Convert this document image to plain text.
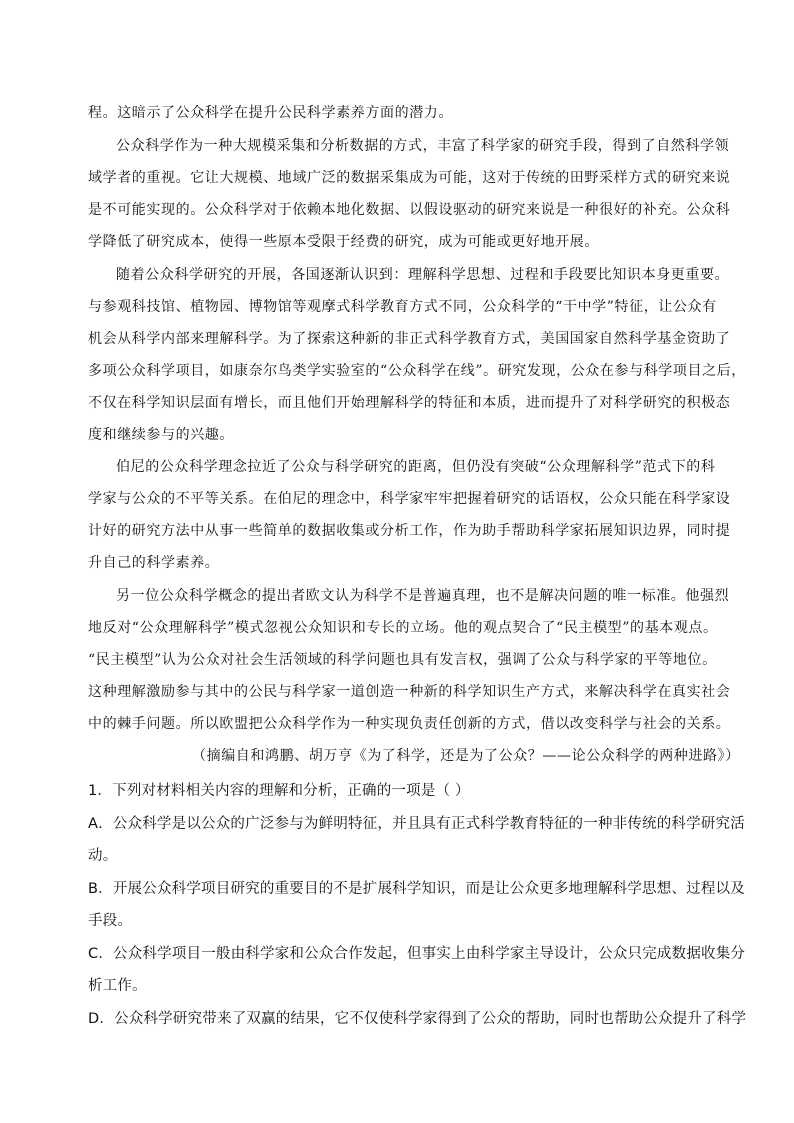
程。这暗示了公众科学在提升公民科学素养方面的潜力。
公众科学作为一种大规模采集和分析数据的方式，丰富了科学家的研究手段，得到了自然科学领
域学者的重视。它让大规模、地域广泛的数据采集成为可能，这对于传统的田野采样方式的研究来说
是不可能实现的。公众科学对于依赖本地化数据、以假设驱动的研究来说是一种很好的补充。公众科
学降低了研究成本，使得一些原本受限于经费的研究，成为可能或更好地开展。
随着公众科学研究的开展，各国逐渐认识到：理解科学思想、过程和手段要比知识本身更重要。
与参观科技馆、植物园、博物馆等观摩式科学教育方式不同，公众科学的“干中学”特征，让公众有
机会从科学内部来理解科学。为了探索这种新的非正式科学教育方式，美国国家自然科学基金资助了
多项公众科学项目，如康奈尔鸟类学实验室的“公众科学在线”。研究发现，公众在参与科学项目之后，
不仅在科学知识层面有增长，而且他们开始理解科学的特征和本质，进而提升了对科学研究的积极态
度和继续参与的兴趣。
伯尼的公众科学理念拉近了公众与科学研究的距离，但仍没有突破“公众理解科学”范式下的科
学家与公众的不平等关系。在伯尼的理念中，科学家牢牢把握着研究的话语权，公众只能在科学家设
计好的研究方法中从事一些简单的数据收集或分析工作，作为助手帮助科学家拓展知识边界，同时提
升自己的科学素养。
另一位公众科学概念的提出者欧文认为科学不是普遍真理，也不是解决问题的唯一标准。他强烈
地反对“公众理解科学”模式忽视公众知识和专长的立场。他的观点契合了“民主模型”的基本观点。
“民主模型”认为公众对社会生活领域的科学问题也具有发言权，强调了公众与科学家的平等地位。
这种理解激励参与其中的公民与科学家一道创造一种新的科学知识生产方式，来解决科学在真实社会
中的棘手问题。所以欧盟把公众科学作为一种实现负责任创新的方式，借以改变科学与社会的关系。
（摘编自和鸿鹏、胡万亨《为了科学，还是为了公众？——论公众科学的两种进路》）
1．下列对材料相关内容的理解和分析，正确的一项是（ ）
A．公众科学是以公众的广泛参与为鲜明特征，并且具有正式科学教育特征的一种非传统的科学研究活
动。
B．开展公众科学项目研究的重要目的不是扩展科学知识，而是让公众更多地理解科学思想、过程以及
手段。
C．公众科学项目一般由科学家和公众合作发起，但事实上由科学家主导设计，公众只完成数据收集分
析工作。
D．公众科学研究带来了双赢的结果，它不仅使科学家得到了公众的帮助，同时也帮助公众提升了科学
